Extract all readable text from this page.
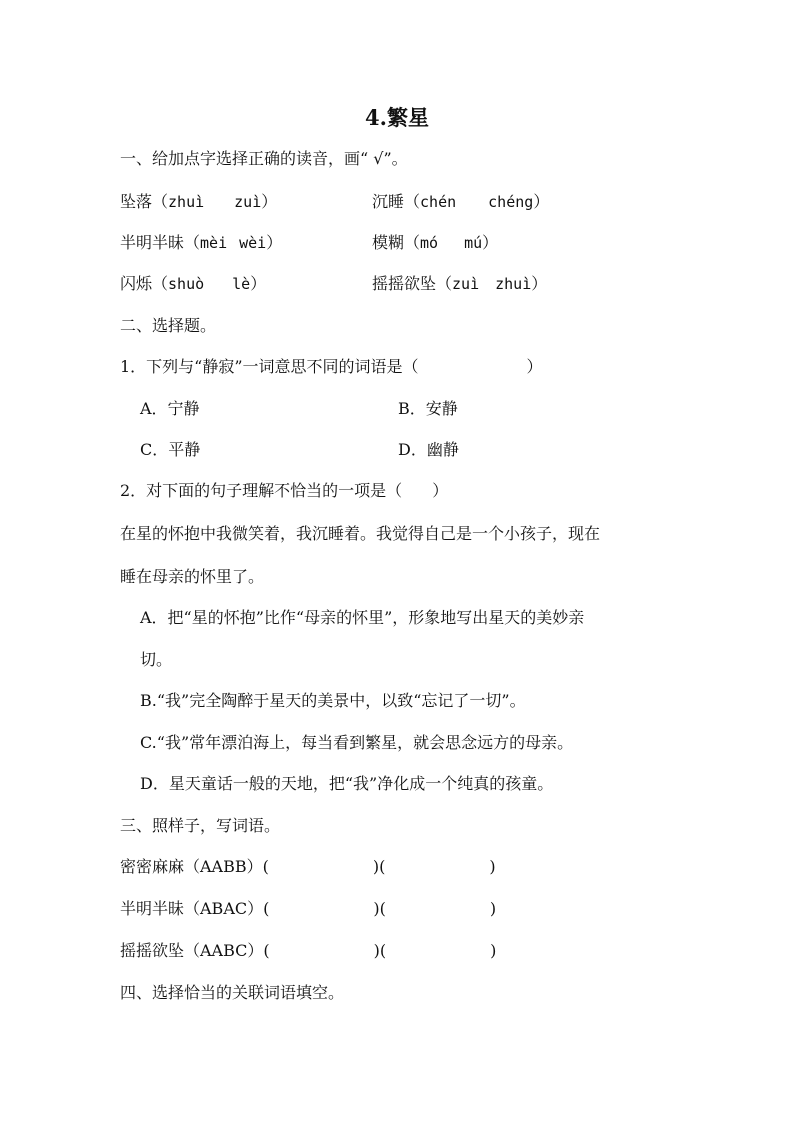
4.繁星
一、给加点字选择正确的读音，画“ √”。
坠落（zhuì zuì）	沉睡（chén chéng）
半明半昧（mèi wèi）	模糊（mó mú）
闪烁（shuò lè）	摇摇欲坠（zuì zhuì）
二、选择题。
1．下列与“静寂”一词意思不同的词语是（	）
A．宁静	B．安静
C．平静	D．幽静
2．对下面的句子理解不恰当的一项是（ ）
在星的怀抱中我微笑着，我沉睡着。我觉得自己是一个小孩子，现在
睡在母亲的怀里了。
A．把“星的怀抱”比作“母亲的怀里”，形象地写出星天的美妙亲
切。
B.“我”完全陶醉于星天的美景中，以致“忘记了一切”。
C.“我”常年漂泊海上，每当看到繁星，就会思念远方的母亲。
D．星天童话一般的天地，把“我”净化成一个纯真的孩童。
三、照样子，写词语。
密密麻麻（AABB）(	)(	)
半明半昧（ABAC）(	)(	)
摇摇欲坠（AABC）(	)(	)
四、选择恰当的关联词语填空。
